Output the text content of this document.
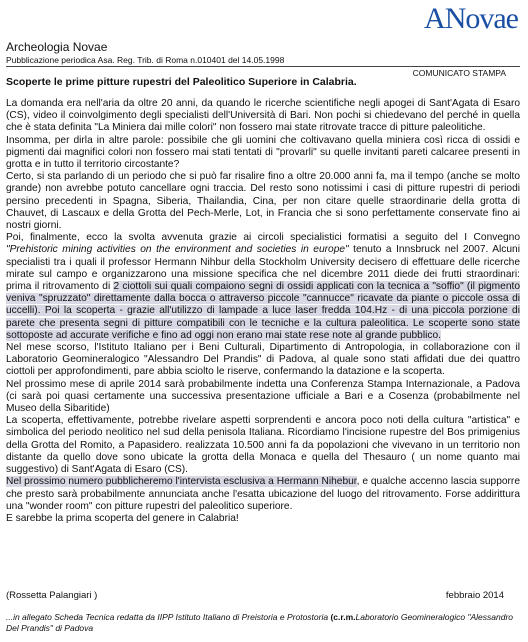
ANovae
Archeologia Novae
Pubblicazione periodica Asa. Reg. Trib. di Roma n.010401 del 14.05.1998
COMUNICATO STAMPA
Scoperte le prime pitture rupestri del Paleolitico Superiore in Calabria.

La domanda era nell'aria da oltre 20 anni, da quando le ricerche scientifiche negli apogei di Sant'Agata di Esaro (CS), video il coinvolgimento degli specialisti dell'Università di Bari. Non pochi si chiedevano del perché in quella che è stata definita "La Miniera dai mille colori" non fossero mai state ritrovate tracce di pitture paleolitiche.

Insomma, per dirla in altre parole: possibile che gli uomini che coltivavano quella miniera così ricca di ossidi e pigmenti dai magnifici colori non fossero mai stati tentati di "provarli" su quelle invitanti pareti calcaree presenti in grotta e in tutto il territorio circostante?

Certo, si sta parlando di un periodo che si può far risalire fino a oltre 20.000 anni fa, ma il tempo (anche se molto grande) non avrebbe potuto cancellare ogni traccia. Del resto sono notissimi i casi di pitture rupestri di periodi persino precedenti in Spagna, Siberia, Thailandia, Cina, per non citare quelle straordinarie della grotta di Chauvet, di Lascaux e della Grotta del Pech-Merle, Lot, in Francia che si sono perfettamente conservate fino ai nostri giorni.

Poi, finalmente, ecco la svolta avvenuta grazie ai circoli specialistici formatisi a seguito del I Convegno "Prehistoric mining activities on the environment and societies in europe" tenuto a Innsbruck nel 2007. Alcuni specialisti tra i quali il professor Hermann Nihbur della Stockholm University decisero di effettuare delle ricerche mirate sul campo e organizzarono una missione specifica che nel dicembre 2011 diede dei frutti straordinari: prima il ritrovamento di 2 ciottoli sui quali compaiono segni di ossidi applicati con la tecnica a "soffio" (il pigmento veniva "spruzzato" direttamente dalla bocca o attraverso piccole "cannucce" ricavate da piante o piccole ossa di uccelli). Poi la scoperta - grazie all'utilizzo di lampade a luce laser fredda 104.Hz - di una piccola porzione di parete che presenta segni di pitture compatibili con le tecniche e la cultura paleolitica. Le scoperte sono state sottoposte ad accurate verifiche e fino ad oggi non erano mai state rese note al grande pubblico.

Nel mese scorso, l'Istituto Italiano per i Beni Culturali, Dipartimento di Antropologia, in collaborazione con il Laboratorio Geomineralogico "Alessandro Del Prandis" di Padova, al quale sono stati affidati due dei quattro ciottoli per approfondimenti, pare abbia sciolto le riserve, confermando la datazione e la scoperta.

Nel prossimo mese di aprile 2014 sarà probabilmente indetta una Conferenza Stampa Internazionale, a Padova (ci sarà poi quasi certamente una successiva presentazione ufficiale a Bari e a Cosenza (probabilmente nel Museo della Sibaritide)

La scoperta, effettivamente, potrebbe rivelare aspetti sorprendenti e ancora poco noti della cultura "artistica" e simbolica del periodo neolitico nel sud della penisola Italiana. Ricordiamo l'incisione rupestre del Bos primigenius della Grotta del Romito, a Papasidero. realizzata 10.500 anni fa da popolazioni che vivevano in un territorio non distante da quello dove sono ubicate la grotta della Monaca e quella del Thesauro ( un nome quanto mai suggestivo) di Sant'Agata di Esaro (CS).

Nel prossimo numero pubblicheremo l'intervista esclusiva a Hermann Nihebur, e qualche accenno lascia supporre che presto sarà probabilmente annunciata anche l'esatta ubicazione del luogo del ritrovamento. Forse addirittura una "wonder room" con pitture rupestri del paleolitico superiore.

E sarebbe la prima scoperta del genere in Calabria!

(Rossetta Palangiari )	febbraio 2014
...in allegato Scheda Tecnica redatta da IIPP Istituto Italiano di Preistoria e Protostoria (c.r.m.Laboratorio Geomineralogico "Alessandro Del Prandis" di Padova
